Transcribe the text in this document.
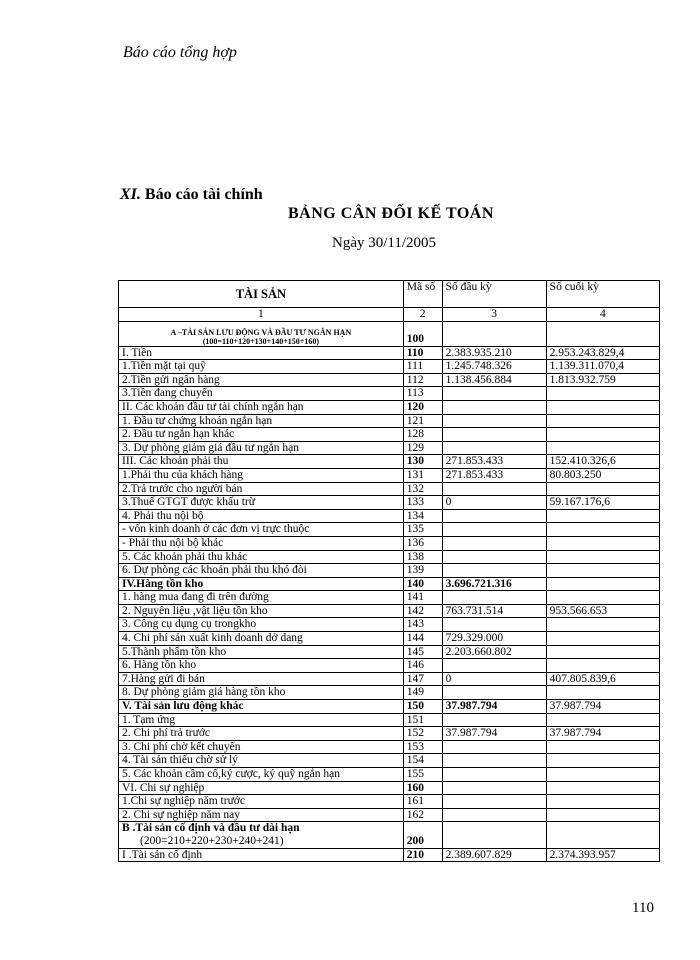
Báo cáo tổng hợp
XI. Báo cáo tài chính
BẢNG CÂN ĐỐI KẾ TOÁN
Ngày 30/11/2005
TÀI SẢN	Mã số	Số đầu kỳ	Số cuối kỳ
1	2	3	4
A –TÀI SẢN LƯU ĐỘNG VÀ ĐẦU TƯ NGẮN HẠN
(100=110+120+130+140+150+160)	100		
I. Tiền	110	2.383.935.210	2.953.243.829,4
1.Tiền mặt tại quỹ	111	1.245.748.326	1.139.311.070,4
2.Tiền gửi ngân hàng	112	1.138.456.884	1.813.932.759
3.Tiền đang chuyển	113		
II. Các khoản đầu tư tài chính ngắn hạn	120		
1. Đầu tư chứng khoán ngắn hạn	121		
2. Đầu tư ngắn hạn khác	128		
3. Dự phòng giảm giá đầu tư ngắn hạn	129		
III. Các khoản phải thu	130	271.853.433	152.410.326,6
1.Phải thu của khách hàng	131	271.853.433	80.803.250
2.Trả trước cho người bán	132		
3.Thuế GTGT được khấu trừ	133	0	59.167.176,6
4. Phải thu nội bộ	134		
- vốn kinh doanh ở các đơn vị trực thuộc	135		
- Phải thu nội bộ khác	136		
5. Các khoản phải thu khác	138		
6. Dự phòng các khoản phải thu khó đòi	139		
IV.Hàng tồn kho	140	3.696.721.316	
1. hàng mua đang đi trên đường	141		
2. Nguyên liệu ,vật liệu tồn kho	142	763.731.514	953.566.653
3. Công cụ dụng cụ trongkho	143		
4. Chi phí sản xuất kinh doanh dở dang	144	729.329.000	
5.Thành phẩm tồn kho	145	2.203.660.802	
6. Hàng tồn kho	146		
7.Hàng gửi đi bán	147	0	407.805.839,6
8. Dự phòng giảm giá hàng tồn kho	149		
V. Tài sản lưu động khác	150	37.987.794	37.987.794
1. Tạm ứng	151		
2. Chi phí trả trước	152	37.987.794	37.987.794
3. Chi phí chờ kết chuyển	153		
4. Tài sản thiếu chờ sử lý	154		
5. Các khoản cầm cố,ký cược, ký quỹ ngắn hạn	155		
VI. Chi sự nghiệp	160		
1.Chi sự nghiệp năm trước	161		
2. Chi sự nghiệp năm nay	162		
B .Tài sản cố định và đầu tư dài hạn
(200=210+220+230+240+241)	200		
I .Tài sản cố định	210	2.389.607.829	2.374.393.957
110
